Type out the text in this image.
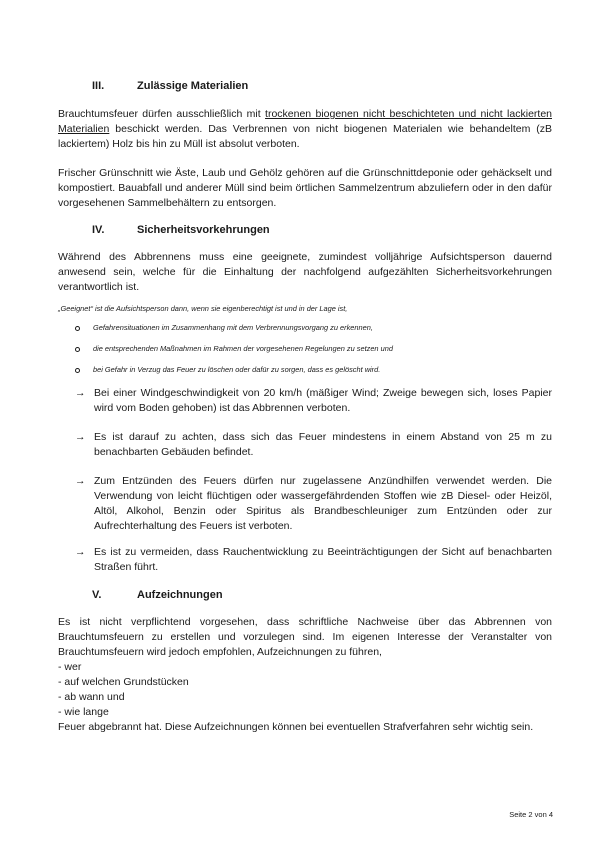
III.	Zulässige Materialien

Brauchtumsfeuer dürfen ausschließlich mit trockenen biogenen nicht beschichteten und nicht lackierten Materialien beschickt werden. Das Verbrennen von nicht biogenen Materialen wie behandeltem (zB lackiertem) Holz bis hin zu Müll ist absolut verboten.

Frischer Grünschnitt wie Äste, Laub und Gehölz gehören auf die Grünschnittdeponie oder gehäckselt und kompostiert. Bauabfall und anderer Müll sind beim örtlichen Sammelzentrum abzuliefern oder in den dafür vorgesehenen Sammelbehältern zu entsorgen.

IV.	Sicherheitsvorkehrungen

Während des Abbrennens muss eine geeignete, zumindest volljährige Aufsichtsperson dauernd anwesend sein, welche für die Einhaltung der nachfolgend aufgezählten Sicherheitsvorkehrungen verantwortlich ist.

„Geeignet“ ist die Aufsichtsperson dann, wenn sie eigenberechtigt ist und in der Lage ist,

Gefahrensituationen im Zusammenhang mit dem Verbrennungsvorgang zu erkennen,
die entsprechenden Maßnahmen im Rahmen der vorgesehenen Regelungen zu setzen und
bei Gefahr in Verzug das Feuer zu löschen oder dafür zu sorgen, dass es gelöscht wird.
→ Bei einer Windgeschwindigkeit von 20 km/h (mäßiger Wind; Zweige bewegen sich, loses Papier wird vom Boden gehoben) ist das Abbrennen verboten.
→ Es ist darauf zu achten, dass sich das Feuer mindestens in einem Abstand von 25 m zu benachbarten Gebäuden befindet.
→ Zum Entzünden des Feuers dürfen nur zugelassene Anzündhilfen verwendet werden. Die Verwendung von leicht flüchtigen oder wassergefährdenden Stoffen wie zB Diesel- oder Heizöl, Altöl, Alkohol, Benzin oder Spiritus als Brandbeschleuniger zum Entzünden oder zur Aufrechterhaltung des Feuers ist verboten.
→ Es ist zu vermeiden, dass Rauchentwicklung zu Beeinträchtigungen der Sicht auf benachbarten Straßen führt.
V.	Aufzeichnungen

Es ist nicht verpflichtend vorgesehen, dass schriftliche Nachweise über das Abbrennen von Brauchtumsfeuern zu erstellen und vorzulegen sind. Im eigenen Interesse der Veranstalter von Brauchtumsfeuern wird jedoch empfohlen, Aufzeichnungen zu führen,

- wer
- auf welchen Grundstücken
- ab wann und
- wie lange

Feuer abgebrannt hat. Diese Aufzeichnungen können bei eventuellen Strafverfahren sehr wichtig sein.

Seite 2 von 4
